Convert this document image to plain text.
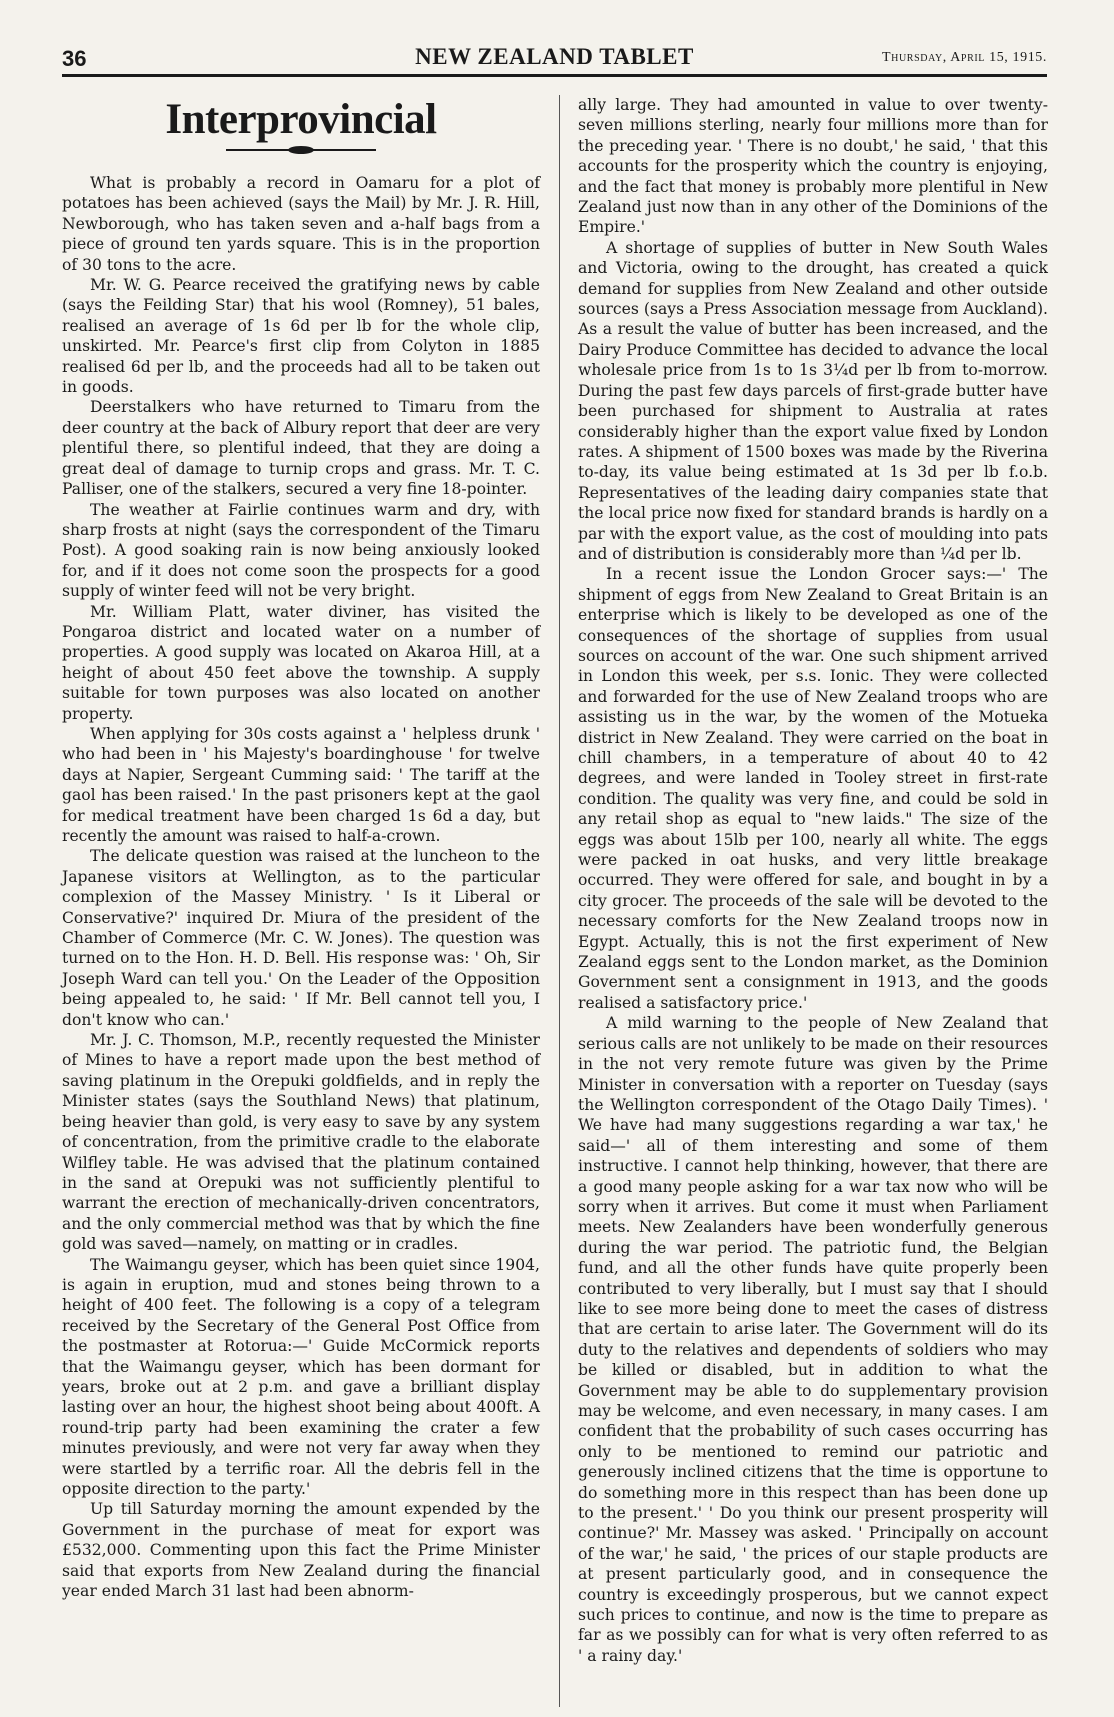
36	NEW ZEALAND TABLET	Thursday, April 15, 1915.
Interprovincial

What is probably a record in Oamaru for a plot of potatoes has been achieved (says the Mail) by Mr. J. R. Hill, Newborough, who has taken seven and a-half bags from a piece of ground ten yards square. This is in the proportion of 30 tons to the acre.

Mr. W. G. Pearce received the gratifying news by cable (says the Feilding Star) that his wool (Romney), 51 bales, realised an average of 1s 6d per lb for the whole clip, unskirted. Mr. Pearce's first clip from Colyton in 1885 realised 6d per lb, and the proceeds had all to be taken out in goods.

Deerstalkers who have returned to Timaru from the deer country at the back of Albury report that deer are very plentiful there, so plentiful indeed, that they are doing a great deal of damage to turnip crops and grass. Mr. T. C. Palliser, one of the stalkers, secured a very fine 18-pointer.

The weather at Fairlie continues warm and dry, with sharp frosts at night (says the correspondent of the Timaru Post). A good soaking rain is now being anxiously looked for, and if it does not come soon the prospects for a good supply of winter feed will not be very bright.

Mr. William Platt, water diviner, has visited the Pongaroa district and located water on a number of properties. A good supply was located on Akaroa Hill, at a height of about 450 feet above the township. A supply suitable for town purposes was also located on another property.

When applying for 30s costs against a ' helpless drunk ' who had been in ' his Majesty's boardinghouse ' for twelve days at Napier, Sergeant Cumming said: ' The tariff at the gaol has been raised.' In the past prisoners kept at the gaol for medical treatment have been charged 1s 6d a day, but recently the amount was raised to half-a-crown.

The delicate question was raised at the luncheon to the Japanese visitors at Wellington, as to the particular complexion of the Massey Ministry. ' Is it Liberal or Conservative?' inquired Dr. Miura of the president of the Chamber of Commerce (Mr. C. W. Jones). The question was turned on to the Hon. H. D. Bell. His response was: ' Oh, Sir Joseph Ward can tell you.' On the Leader of the Opposition being appealed to, he said: ' If Mr. Bell cannot tell you, I don't know who can.'

Mr. J. C. Thomson, M.P., recently requested the Minister of Mines to have a report made upon the best method of saving platinum in the Orepuki goldfields, and in reply the Minister states (says the Southland News) that platinum, being heavier than gold, is very easy to save by any system of concentration, from the primitive cradle to the elaborate Wilfley table. He was advised that the platinum contained in the sand at Orepuki was not sufficiently plentiful to warrant the erection of mechanically-driven concentrators, and the only commercial method was that by which the fine gold was saved—namely, on matting or in cradles.

The Waimangu geyser, which has been quiet since 1904, is again in eruption, mud and stones being thrown to a height of 400 feet. The following is a copy of a telegram received by the Secretary of the General Post Office from the postmaster at Rotorua:—' Guide McCormick reports that the Waimangu geyser, which has been dormant for years, broke out at 2 p.m. and gave a brilliant display lasting over an hour, the highest shoot being about 400ft. A round-trip party had been examining the crater a few minutes previously, and were not very far away when they were startled by a terrific roar. All the debris fell in the opposite direction to the party.'

Up till Saturday morning the amount expended by the Government in the purchase of meat for export was £532,000. Commenting upon this fact the Prime Minister said that exports from New Zealand during the financial year ended March 31 last had been abnorm-

ally large. They had amounted in value to over twenty-seven millions sterling, nearly four millions more than for the preceding year. ' There is no doubt,' he said, ' that this accounts for the prosperity which the country is enjoying, and the fact that money is probably more plentiful in New Zealand just now than in any other of the Dominions of the Empire.'

A shortage of supplies of butter in New South Wales and Victoria, owing to the drought, has created a quick demand for supplies from New Zealand and other outside sources (says a Press Association message from Auckland). As a result the value of butter has been increased, and the Dairy Produce Committee has decided to advance the local wholesale price from 1s to 1s 3¼d per lb from to-morrow. During the past few days parcels of first-grade butter have been purchased for shipment to Australia at rates considerably higher than the export value fixed by London rates. A shipment of 1500 boxes was made by the Riverina to-day, its value being estimated at 1s 3d per lb f.o.b. Representatives of the leading dairy companies state that the local price now fixed for standard brands is hardly on a par with the export value, as the cost of moulding into pats and of distribution is considerably more than ¼d per lb.

In a recent issue the London Grocer says:—' The shipment of eggs from New Zealand to Great Britain is an enterprise which is likely to be developed as one of the consequences of the shortage of supplies from usual sources on account of the war. One such shipment arrived in London this week, per s.s. Ionic. They were collected and forwarded for the use of New Zealand troops who are assisting us in the war, by the women of the Motueka district in New Zealand. They were carried on the boat in chill chambers, in a temperature of about 40 to 42 degrees, and were landed in Tooley street in first-rate condition. The quality was very fine, and could be sold in any retail shop as equal to "new laids." The size of the eggs was about 15lb per 100, nearly all white. The eggs were packed in oat husks, and very little breakage occurred. They were offered for sale, and bought in by a city grocer. The proceeds of the sale will be devoted to the necessary comforts for the New Zealand troops now in Egypt. Actually, this is not the first experiment of New Zealand eggs sent to the London market, as the Dominion Government sent a consignment in 1913, and the goods realised a satisfactory price.'

A mild warning to the people of New Zealand that serious calls are not unlikely to be made on their resources in the not very remote future was given by the Prime Minister in conversation with a reporter on Tuesday (says the Wellington correspondent of the Otago Daily Times). ' We have had many suggestions regarding a war tax,' he said—' all of them interesting and some of them instructive. I cannot help thinking, however, that there are a good many people asking for a war tax now who will be sorry when it arrives. But come it must when Parliament meets. New Zealanders have been wonderfully generous during the war period. The patriotic fund, the Belgian fund, and all the other funds have quite properly been contributed to very liberally, but I must say that I should like to see more being done to meet the cases of distress that are certain to arise later. The Government will do its duty to the relatives and dependents of soldiers who may be killed or disabled, but in addition to what the Government may be able to do supplementary provision may be welcome, and even necessary, in many cases. I am confident that the probability of such cases occurring has only to be mentioned to remind our patriotic and generously inclined citizens that the time is opportune to do something more in this respect than has been done up to the present.' ' Do you think our present prosperity will continue?' Mr. Massey was asked. ' Principally on account of the war,' he said, ' the prices of our staple products are at present particularly good, and in consequence the country is exceedingly prosperous, but we cannot expect such prices to continue, and now is the time to prepare as far as we possibly can for what is very often referred to as ' a rainy day.'
